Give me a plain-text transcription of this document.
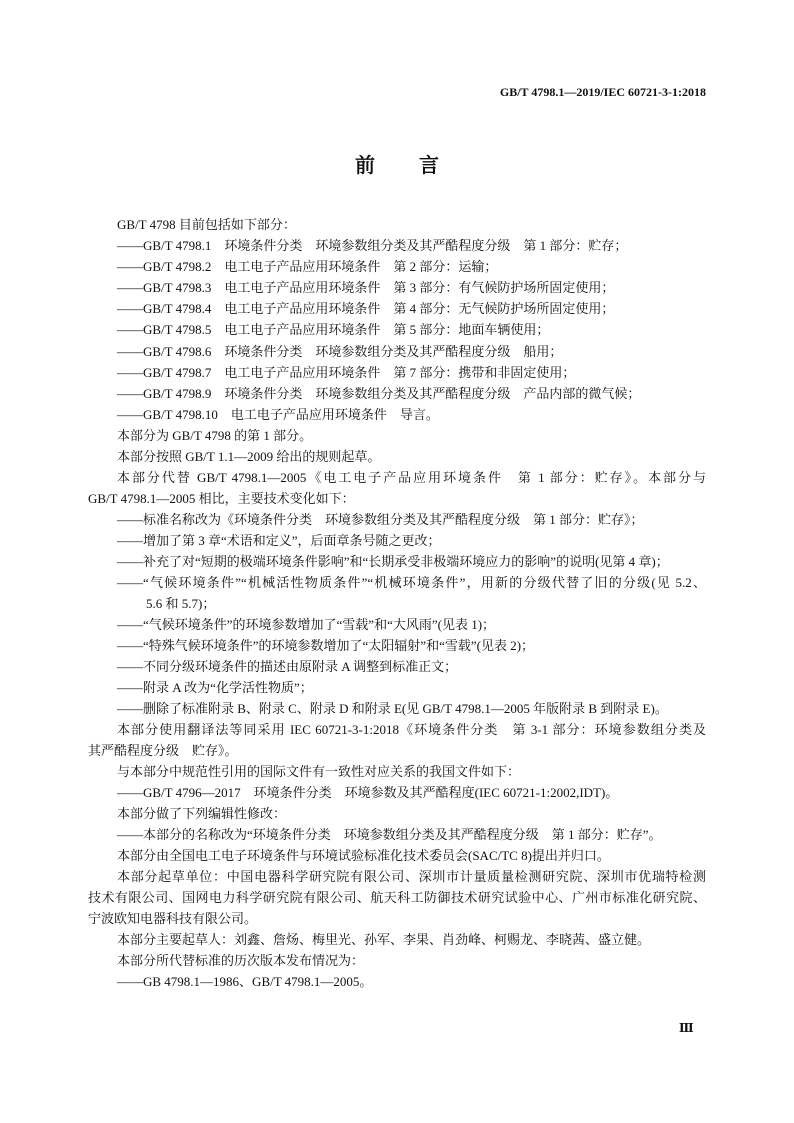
GB/T 4798.1—2019/IEC 60721-3-1:2018
前　言
GB/T 4798 目前包括如下部分：
——GB/T 4798.1　环境条件分类　环境参数组分类及其严酷程度分级　第 1 部分：贮存；
——GB/T 4798.2　电工电子产品应用环境条件　第 2 部分：运输；
——GB/T 4798.3　电工电子产品应用环境条件　第 3 部分：有气候防护场所固定使用；
——GB/T 4798.4　电工电子产品应用环境条件　第 4 部分：无气候防护场所固定使用；
——GB/T 4798.5　电工电子产品应用环境条件　第 5 部分：地面车辆使用；
——GB/T 4798.6　环境条件分类　环境参数组分类及其严酷程度分级　船用；
——GB/T 4798.7　电工电子产品应用环境条件　第 7 部分：携带和非固定使用；
——GB/T 4798.9　环境条件分类　环境参数组分类及其严酷程度分级　产品内部的微气候；
——GB/T 4798.10　电工电子产品应用环境条件　导言。
本部分为 GB/T 4798 的第 1 部分。
本部分按照 GB/T 1.1—2009 给出的规则起草。
本部分代替 GB/T 4798.1—2005《电工电子产品应用环境条件　第 1 部分：贮存》。本部分与
GB/T 4798.1—2005 相比，主要技术变化如下：
——标准名称改为《环境条件分类　环境参数组分类及其严酷程度分级　第 1 部分：贮存》；
——增加了第 3 章“术语和定义”，后面章条号随之更改；
——补充了对“短期的极端环境条件影响”和“长期承受非极端环境应力的影响”的说明(见第 4 章)；
——“气候环境条件”“机械活性物质条件”“机械环境条件”，用新的分级代替了旧的分级(见 5.2、
5.6 和 5.7)；
——“气候环境条件”的环境参数增加了“雪载”和“大风雨”(见表 1)；
——“特殊气候环境条件”的环境参数增加了“太阳辐射”和“雪载”(见表 2)；
——不同分级环境条件的描述由原附录 A 调整到标准正文；
——附录 A 改为“化学活性物质”；
——删除了标准附录 B、附录 C、附录 D 和附录 E(见 GB/T 4798.1—2005 年版附录 B 到附录 E)。
本部分使用翻译法等同采用 IEC 60721-3-1:2018《环境条件分类　第 3-1 部分：环境参数组分类及
其严酷程度分级　贮存》。
与本部分中规范性引用的国际文件有一致性对应关系的我国文件如下：
——GB/T 4796—2017　环境条件分类　环境参数及其严酷程度(IEC 60721-1:2002,IDT)。
本部分做了下列编辑性修改：
——本部分的名称改为“环境条件分类　环境参数组分类及其严酷程度分级　第 1 部分：贮存”。
本部分由全国电工电子环境条件与环境试验标准化技术委员会(SAC/TC 8)提出并归口。
本部分起草单位：中国电器科学研究院有限公司、深圳市计量质量检测研究院、深圳市优瑞特检测
技术有限公司、国网电力科学研究院有限公司、航天科工防御技术研究试验中心、广州市标准化研究院、
宁波欧知电器科技有限公司。
本部分主要起草人：刘鑫、詹炀、梅里光、孙军、李果、肖劲峰、柯赐龙、李晓茜、盛立健。
本部分所代替标准的历次版本发布情况为：
——GB 4798.1—1986、GB/T 4798.1—2005。
Ⅲ
